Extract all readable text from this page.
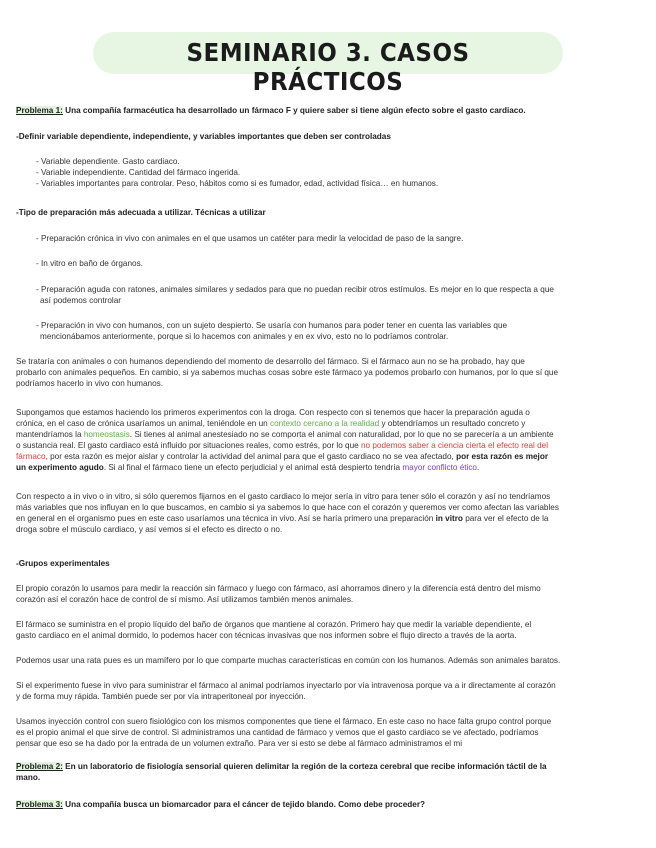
SEMINARIO 3. CASOS PRÁCTICOS

Problema 1: Una compañía farmacéutica ha desarrollado un fármaco F y quiere saber si tiene algún efecto sobre el gasto cardiaco.

-Definir variable dependiente, independiente, y variables importantes que deben ser controladas

- Variable dependiente. Gasto cardiaco.

- Variable independiente. Cantidad del fármaco ingerida.

- Variables importantes para controlar. Peso, hábitos como si es fumador, edad, actividad física… en humanos.

-Tipo de preparación más adecuada a utilizar. Técnicas a utilizar

- Preparación crónica in vivo con animales en el que usamos un catéter para medir la velocidad de paso de la sangre.

- In vitro en baño de órganos.

- Preparación aguda con ratones, animales similares y sedados para que no puedan recibir otros estímulos. Es mejor en lo que respecta a que

así podemos controlar

- Preparación in vivo con humanos, con un sujeto despierto. Se usaría con humanos para poder tener en cuenta las variables que

mencionábamos anteriormente, porque si lo hacemos con animales y en ex vivo, esto no lo podríamos controlar.

Se trataría con animales o con humanos dependiendo del momento de desarrollo del fármaco. Si el fármaco aun no se ha probado, hay que

probarlo con animales pequeños. En cambio, si ya sabemos muchas cosas sobre este fármaco ya podemos probarlo con humanos, por lo que sí que

podríamos hacerlo in vivo con humanos.

Supongamos que estamos haciendo los primeros experimentos con la droga. Con respecto con si tenemos que hacer la preparación aguda o

crónica, en el caso de crónica usaríamos un animal, teniéndole en un contexto cercano a la realidad y obtendríamos un resultado concreto y

mantendríamos la homeostasis. Si tienes al animal anestesiado no se comporta el animal con naturalidad, por lo que no se parecería a un ambiente

o sustancia real. El gasto cardiaco está influido por situaciones reales, como estrés, por lo que no podemos saber a ciencia cierta el efecto real del

fármaco, por esta razón es mejor aislar y controlar la actividad del animal para que el gasto cardiaco no se vea afectado, por esta razón es mejor

un experimento agudo. Si al final el fármaco tiene un efecto perjudicial y el animal está despierto tendría mayor conflicto ético.

Con respecto a in vivo o in vitro, si sólo queremos fijarnos en el gasto cardiaco lo mejor sería in vitro para tener sólo el corazón y así no tendríamos

más variables que nos influyan en lo que buscamos, en cambio si ya sabemos lo que hace con el corazón y queremos ver como afectan las variables

en general en el organismo pues en este caso usaríamos una técnica in vivo. Así se haría primero una preparación in vitro para ver el efecto de la

droga sobre el músculo cardiaco, y así vemos si el efecto es directo o no.

-Grupos experimentales

El propio corazón lo usamos para medir la reacción sin fármaco y luego con fármaco, así ahorramos dinero y la diferencia está dentro del mismo

corazón así el corazón hace de control de sí mismo. Así utilizamos también menos animales.

El fármaco se suministra en el propio líquido del baño de órganos que mantiene al corazón. Primero hay que medir la variable dependiente, el

gasto cardiaco en el animal dormido, lo podemos hacer con técnicas invasivas que nos informen sobre el flujo directo a través de la aorta.

Podemos usar una rata pues es un mamífero por lo que comparte muchas características en común con los humanos. Además son animales baratos.

Si el experimento fuese in vivo para suministrar el fármaco al animal podríamos inyectarlo por vía intravenosa porque va a ir directamente al corazón

y de forma muy rápida. También puede ser por vía intraperitoneal por inyección.

Usamos inyección control con suero fisiológico con los mismos componentes que tiene el fármaco. En este caso no hace falta grupo control porque

es el propio animal el que sirve de control. Si administramos una cantidad de fármaco y vemos que el gasto cardiaco se ve afectado, podríamos

pensar que eso se ha dado por la entrada de un volumen extraño. Para ver si esto se debe al fármaco administramos el mi

Problema 2: En un laboratorio de fisiología sensorial quieren delimitar la región de la corteza cerebral que recibe información táctil de la

mano.

Problema 3: Una compañía busca un biomarcador para el cáncer de tejido blando. Como debe proceder?
